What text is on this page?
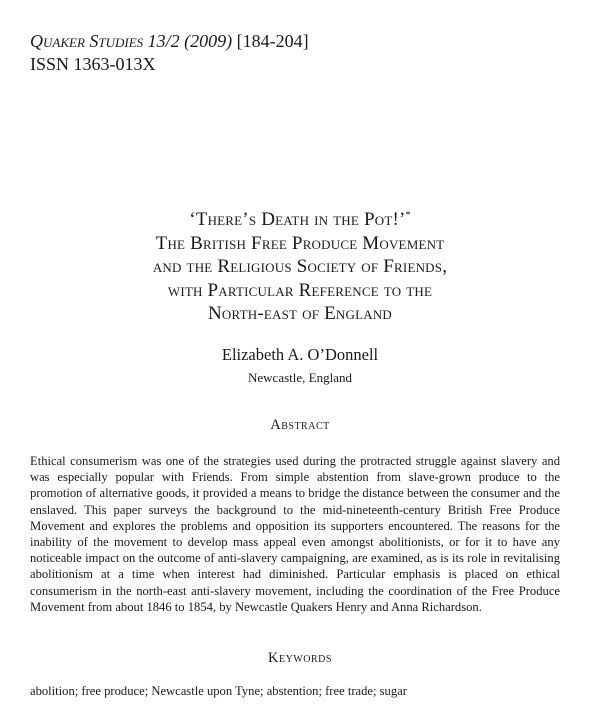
Quaker Studies 13/2 (2009) [184-204]
ISSN 1363-013X
‘There’s Death in the Pot!’*
The British Free Produce Movement
and the Religious Society of Friends,
with Particular Reference to the
North-east of England
Elizabeth A. O’Donnell
Newcastle, England
Abstract
Ethical consumerism was one of the strategies used during the protracted struggle against slavery and was especially popular with Friends. From simple abstention from slave-grown produce to the promotion of alternative goods, it provided a means to bridge the distance between the consumer and the enslaved. This paper surveys the background to the mid-nineteenth-century British Free Produce Movement and explores the problems and opposition its supporters encountered. The reasons for the inability of the movement to develop mass appeal even amongst abolitionists, or for it to have any noticeable impact on the outcome of anti-slavery campaigning, are examined, as is its role in revitalising abolitionism at a time when interest had diminished. Particular emphasis is placed on ethical consumerism in the north-east anti-slavery movement, including the coordination of the Free Produce Movement from about 1846 to 1854, by Newcastle Quakers Henry and Anna Richardson.
Keywords
abolition; free produce; Newcastle upon Tyne; abstention; free trade; sugar
